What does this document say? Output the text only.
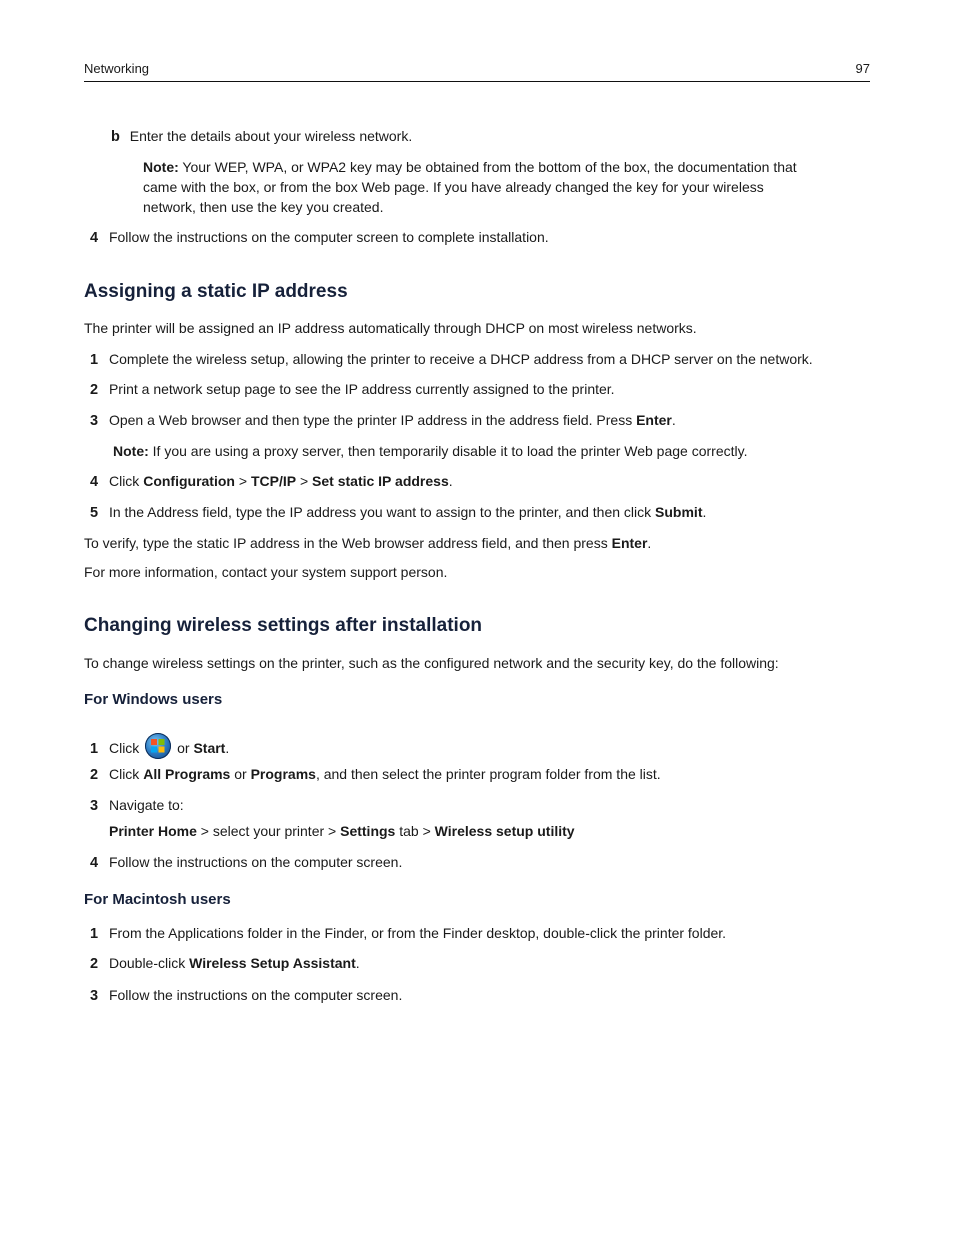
Networking	97
b Enter the details about your wireless network.
Note: Your WEP, WPA, or WPA2 key may be obtained from the bottom of the box, the documentation that
came with the box, or from the box Web page. If you have already changed the key for your wireless
network, then use the key you created.
4 Follow the instructions on the computer screen to complete installation.
Assigning a static IP address
The printer will be assigned an IP address automatically through DHCP on most wireless networks.
1 Complete the wireless setup, allowing the printer to receive a DHCP address from a DHCP server on the network.
2 Print a network setup page to see the IP address currently assigned to the printer.
3 Open a Web browser and then type the printer IP address in the address field. Press Enter.
Note: If you are using a proxy server, then temporarily disable it to load the printer Web page correctly.
4 Click Configuration > TCP/IP > Set static IP address.
5 In the Address field, type the IP address you want to assign to the printer, and then click Submit.
To verify, type the static IP address in the Web browser address field, and then press Enter.
For more information, contact your system support person.
Changing wireless settings after installation
To change wireless settings on the printer, such as the configured network and the security key, do the following:
For Windows users
1 Click
or Start.
2 Click All Programs or Programs, and then select the printer program folder from the list.
3 Navigate to:
Printer Home > select your printer > Settings tab > Wireless setup utility
4 Follow the instructions on the computer screen.
For Macintosh users
1 From the Applications folder in the Finder, or from the Finder desktop, double-click the printer folder.
2 Double-click Wireless Setup Assistant.
3 Follow the instructions on the computer screen.
